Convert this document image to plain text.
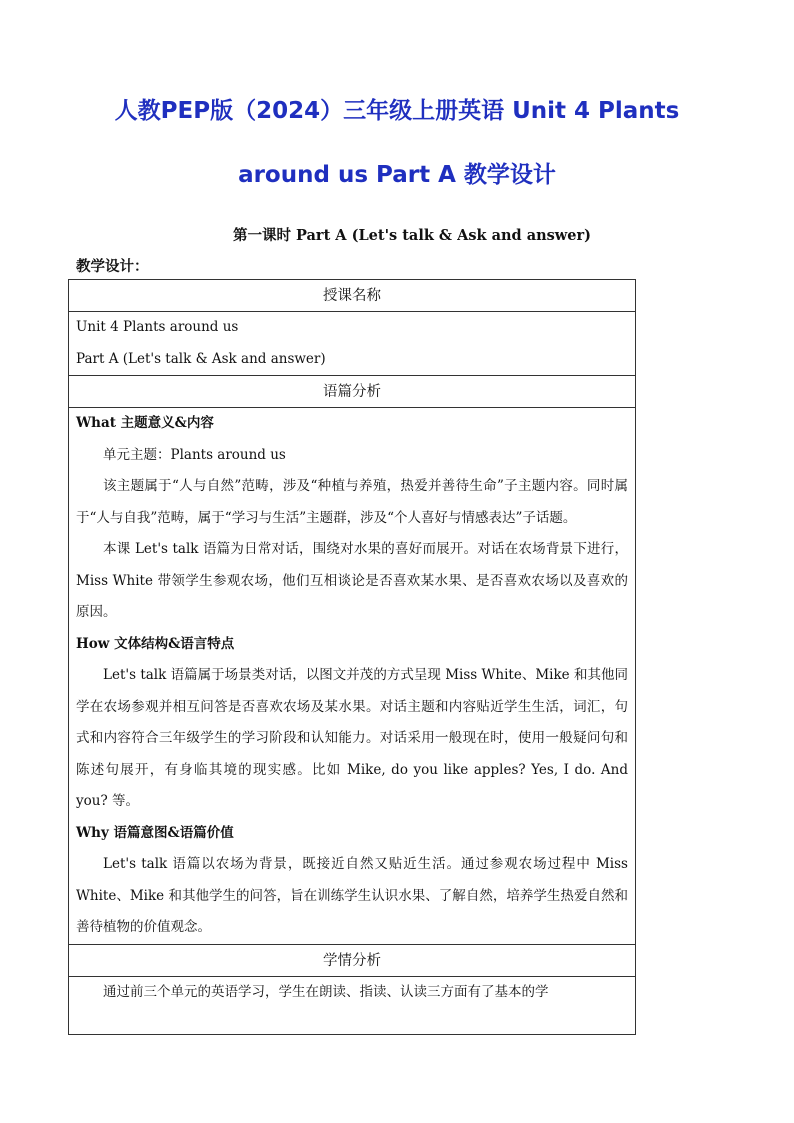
人教PEP版（2024）三年级上册英语 Unit 4 Plants
around us Part A 教学设计
第一课时 Part A (Let's talk & Ask and answer)
教学设计：
授课名称

Unit 4 Plants around us

Part A (Let's talk & Ask and answer)

语篇分析

What 主题意义&内容

单元主题：Plants around us

该主题属于“人与自然”范畴，涉及“种植与养殖，热爱并善待生命”子主题内容。同时属于“人与自我”范畴，属于“学习与生活”主题群，涉及“个人喜好与情感表达”子话题。

本课 Let's talk 语篇为日常对话，围绕对水果的喜好而展开。对话在农场背景下进行，Miss White 带领学生参观农场，他们互相谈论是否喜欢某水果、是否喜欢农场以及喜欢的原因。

How 文体结构&语言特点

Let's talk 语篇属于场景类对话，以图文并茂的方式呈现 Miss White、Mike 和其他同学在农场参观并相互问答是否喜欢农场及某水果。对话主题和内容贴近学生生活，词汇，句式和内容符合三年级学生的学习阶段和认知能力。对话采用一般现在时，使用一般疑问句和陈述句展开，有身临其境的现实感。比如 Mike, do you like apples? Yes, I do. And you? 等。

Why 语篇意图&语篇价值

Let's talk 语篇以农场为背景，既接近自然又贴近生活。通过参观农场过程中 Miss White、Mike 和其他学生的问答，旨在训练学生认识水果、了解自然，培养学生热爱自然和善待植物的价值观念。

学情分析

通过前三个单元的英语学习，学生在朗读、指读、认读三方面有了基本的学
